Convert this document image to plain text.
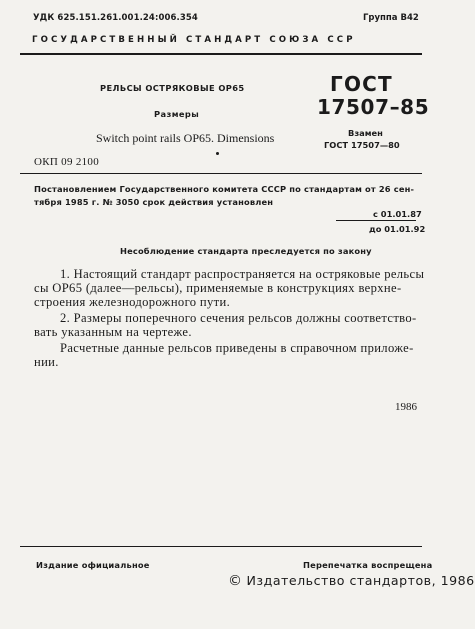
УДК 625.151.261.001.24:006.354	Группа В42
ГОСУДАРСТВЕННЫЙ СТАНДАРТ СОЮЗА ССР
РЕЛЬСЫ ОСТРЯКОВЫЕ ОР65
Размеры
Switch point rails OP65. Dimensions
ГОСТ
17507–85
Взамен
ГОСТ 17507—80
ОКП 09 2100
Постановлением Государственного комитета СССР по стандартам от 26 сен-
тября 1985 г. № 3050 срок действия установлен
с 01.01.87
до 01.01.92
Несоблюдение стандарта преследуется по закону
1. Настоящий стандарт распространяется на остряковые рельсы
сы ОР65 (далее—рельсы), применяемые в конструкциях верхне-
строения железнодорожного пути.
2. Размеры поперечного сечения рельсов должны соответство-
вать указанным на чертеже.
Расчетные данные рельсов приведены в справочном приложе-
нии.
1986
Издание официальное	Перепечатка воспрещена
© Издательство стандартов, 1986
